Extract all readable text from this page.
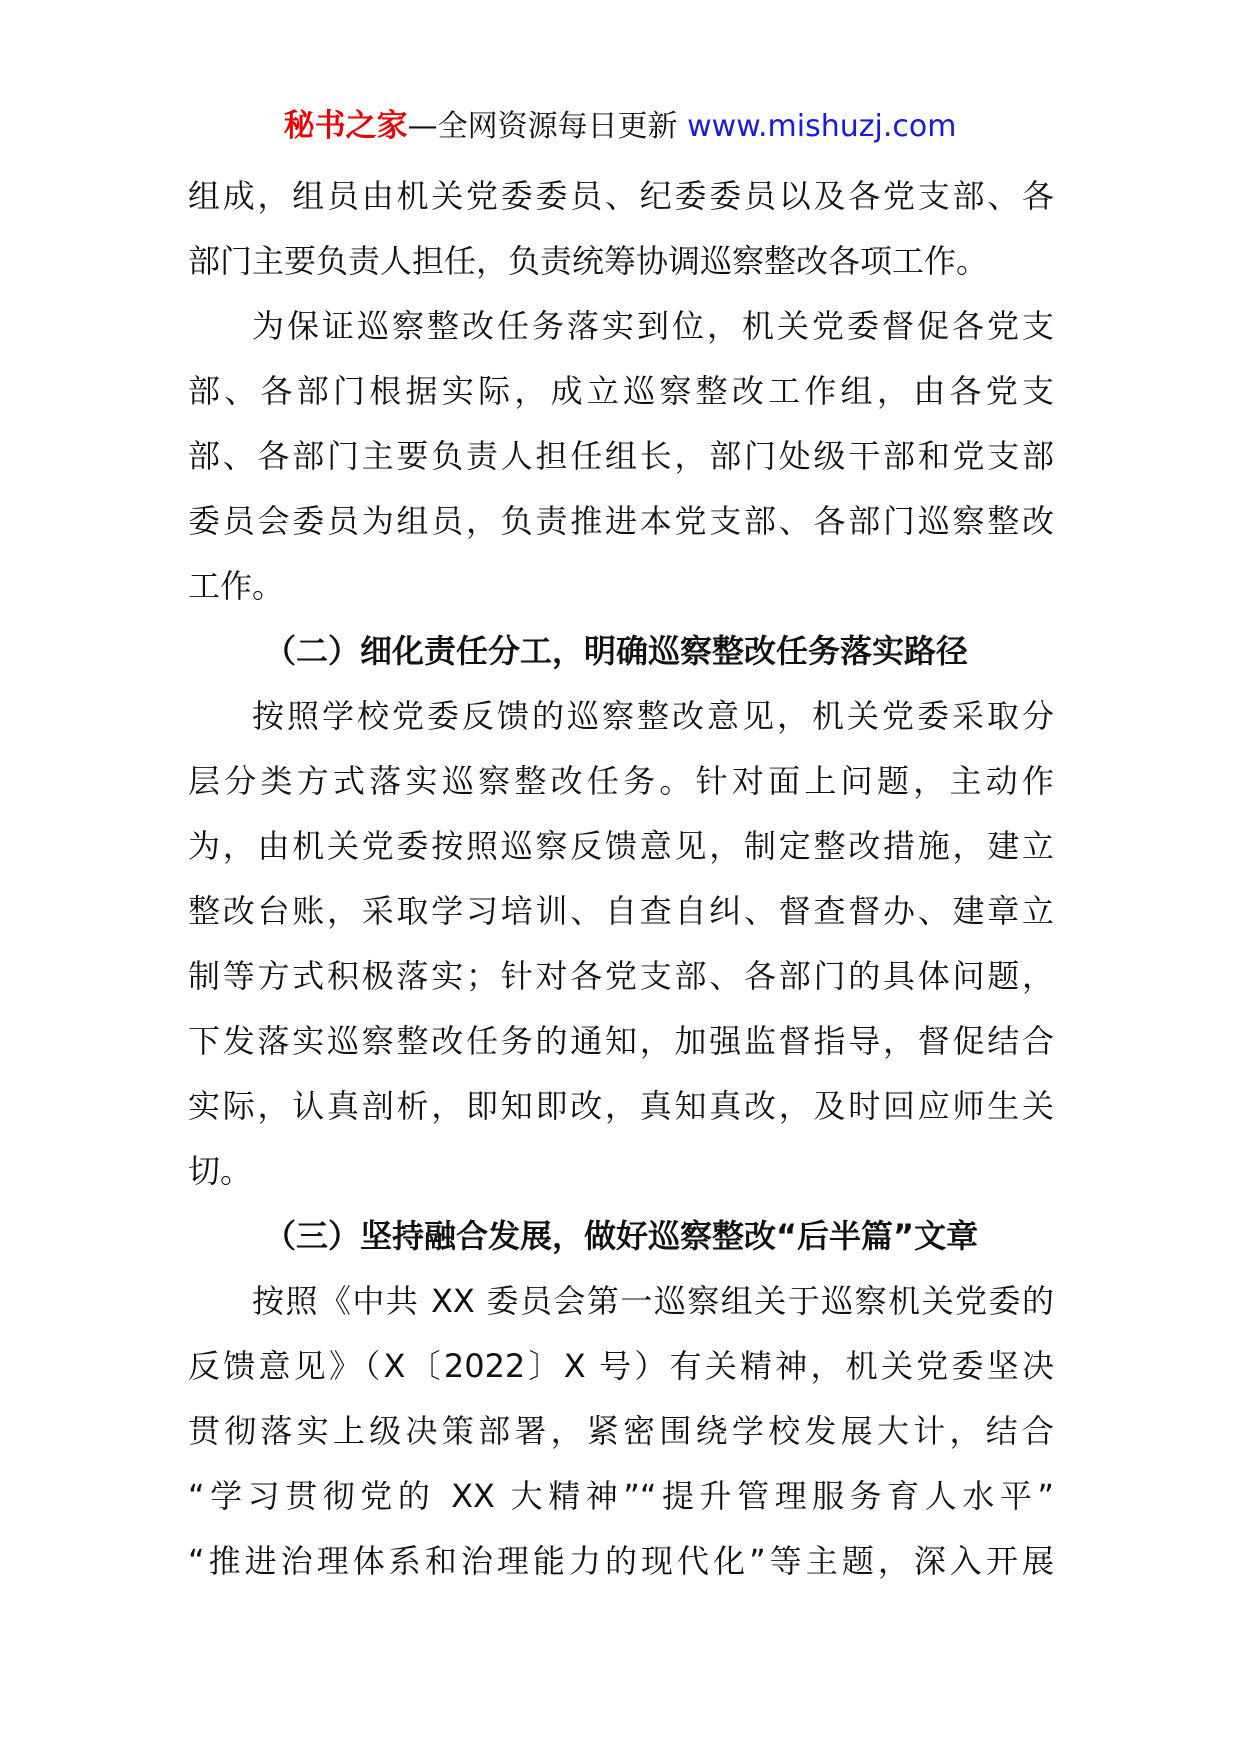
秘书之家—全网资源每日更新 www.mishuzj.com
组成，组员由机关党委委员、纪委委员以及各党支部、各
部门主要负责人担任，负责统筹协调巡察整改各项工作。
为保证巡察整改任务落实到位，机关党委督促各党支
部、各部门根据实际，成立巡察整改工作组，由各党支
部、各部门主要负责人担任组长，部门处级干部和党支部
委员会委员为组员，负责推进本党支部、各部门巡察整改
工作。
（二）细化责任分工，明确巡察整改任务落实路径
按照学校党委反馈的巡察整改意见，机关党委采取分
层分类方式落实巡察整改任务。针对面上问题，主动作
为，由机关党委按照巡察反馈意见，制定整改措施，建立
整改台账，采取学习培训、自查自纠、督查督办、建章立
制等方式积极落实；针对各党支部、各部门的具体问题，
下发落实巡察整改任务的通知，加强监督指导，督促结合
实际，认真剖析，即知即改，真知真改，及时回应师生关
切。
（三）坚持融合发展，做好巡察整改“后半篇”文章
按照《中共 XX 委员会第一巡察组关于巡察机关党委的
反馈意见》（X〔2022〕X 号）有关精神，机关党委坚决
贯彻落实上级决策部署，紧密围绕学校发展大计，结合
“学习贯彻党的 XX 大精神”“提升管理服务育人水平”
“推进治理体系和治理能力的现代化”等主题，深入开展
